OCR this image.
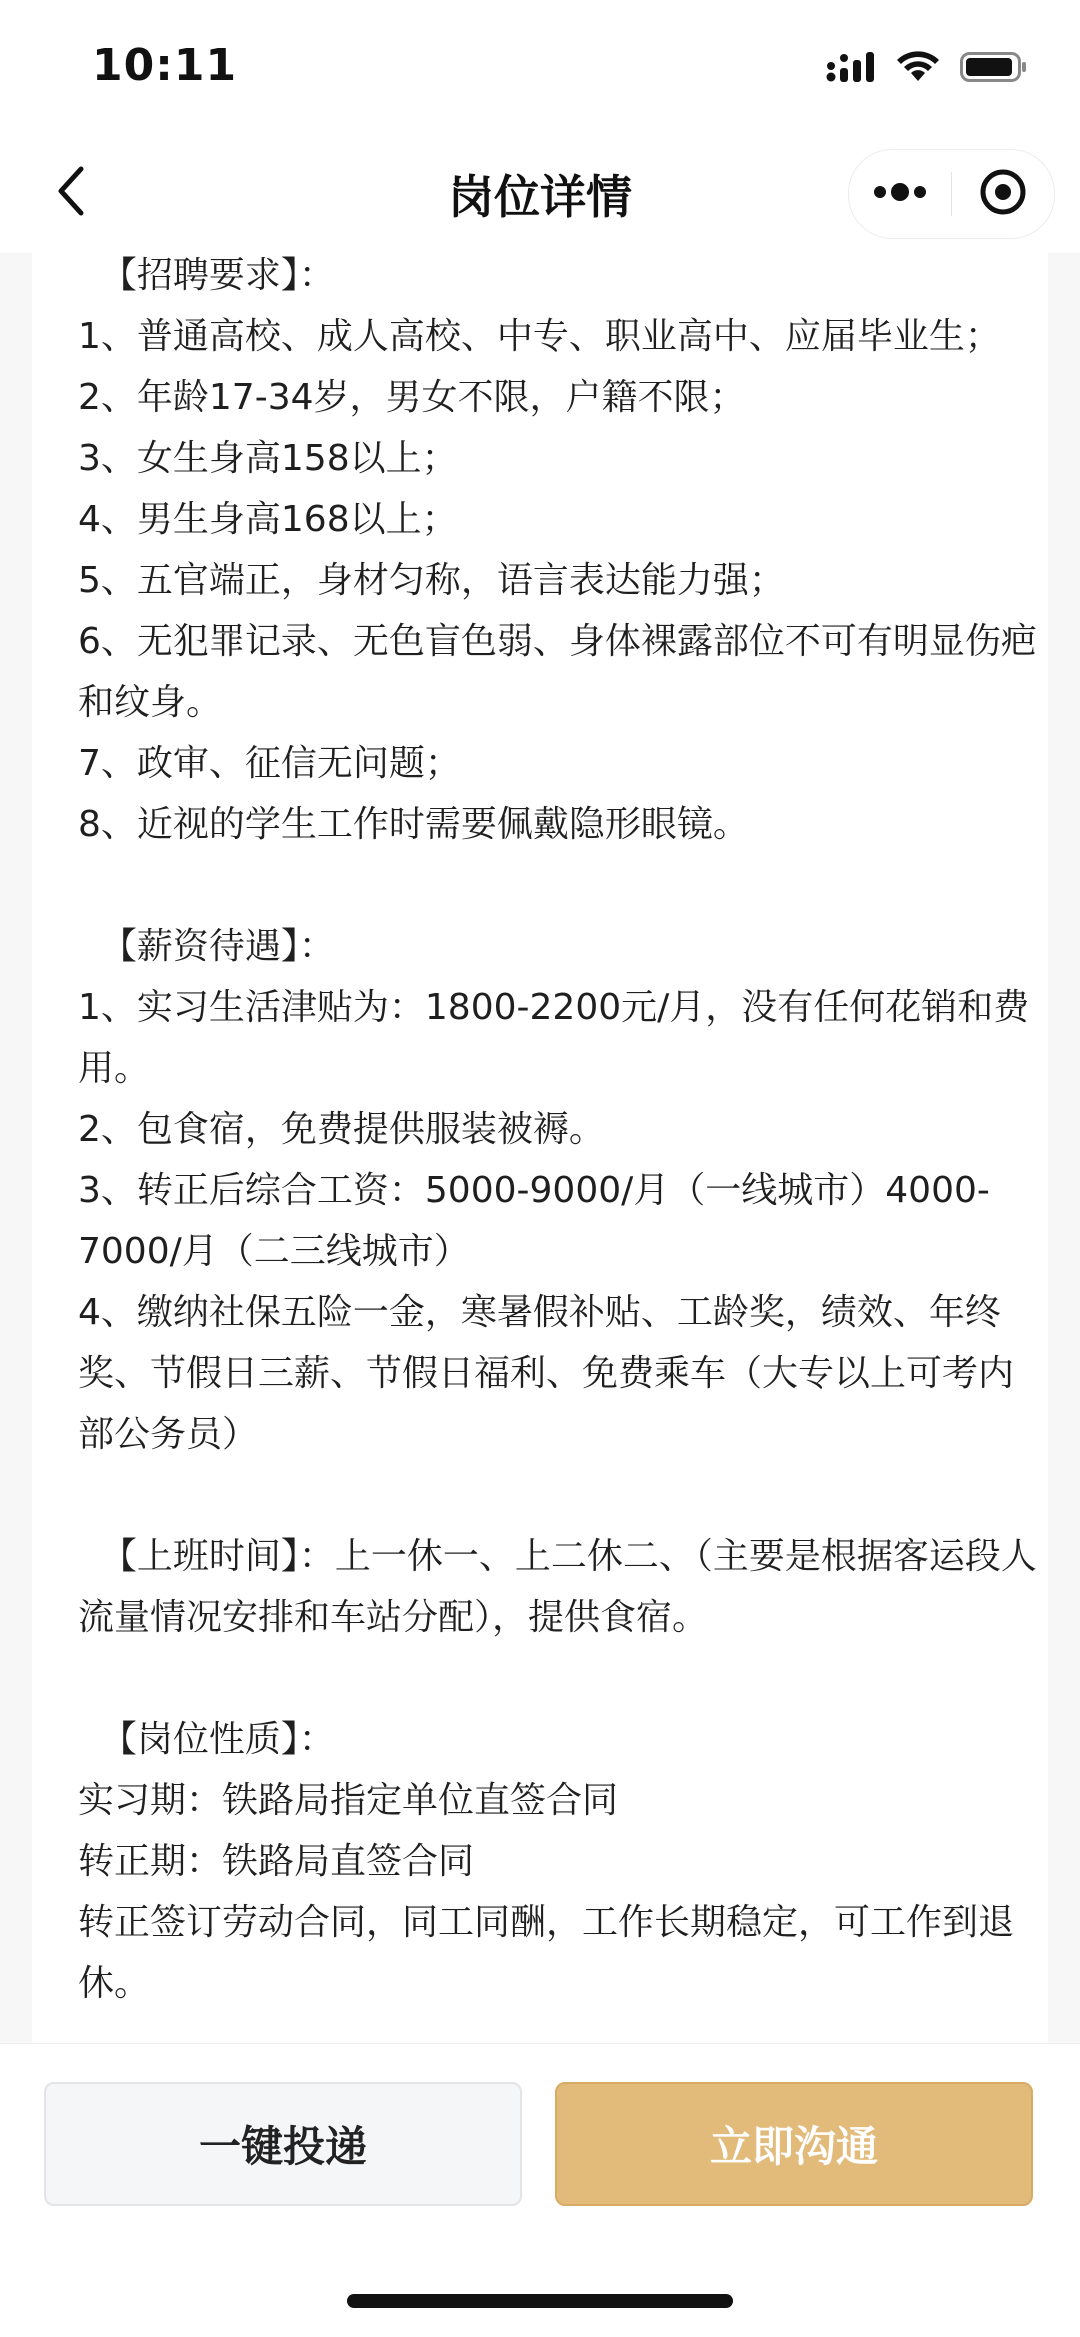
10:11
岗位详情

【招聘要求】：

1、普通高校、成人高校、中专、职业高中、应届毕业生；

2、年龄17-34岁，男女不限，户籍不限；

3、女生身高158以上；

4、男生身高168以上；

5、五官端正，身材匀称，语言表达能力强；

6、无犯罪记录、无色盲色弱、身体裸露部位不可有明显伤疤和纹身。

7、政审、征信无问题；

8、近视的学生工作时需要佩戴隐形眼镜。

【薪资待遇】：

1、实习生活津贴为：1800-2200元/月，没有任何花销和费用。

2、包食宿，免费提供服装被褥。

3、转正后综合工资：5000-9000/月（一线城市）4000-7000/月（二三线城市）

4、缴纳社保五险一金，寒暑假补贴、工龄奖，绩效、年终奖、节假日三薪、节假日福利、免费乘车（大专以上可考内部公务员）

【上班时间】：上一休一、上二休二、（主要是根据客运段人流量情况安排和车站分配），提供食宿。

【岗位性质】：

实习期：铁路局指定单位直签合同

转正期：铁路局直签合同

转正签订劳动合同，同工同酬，工作长期稳定，可工作到退休。

一键投递	立即沟通
